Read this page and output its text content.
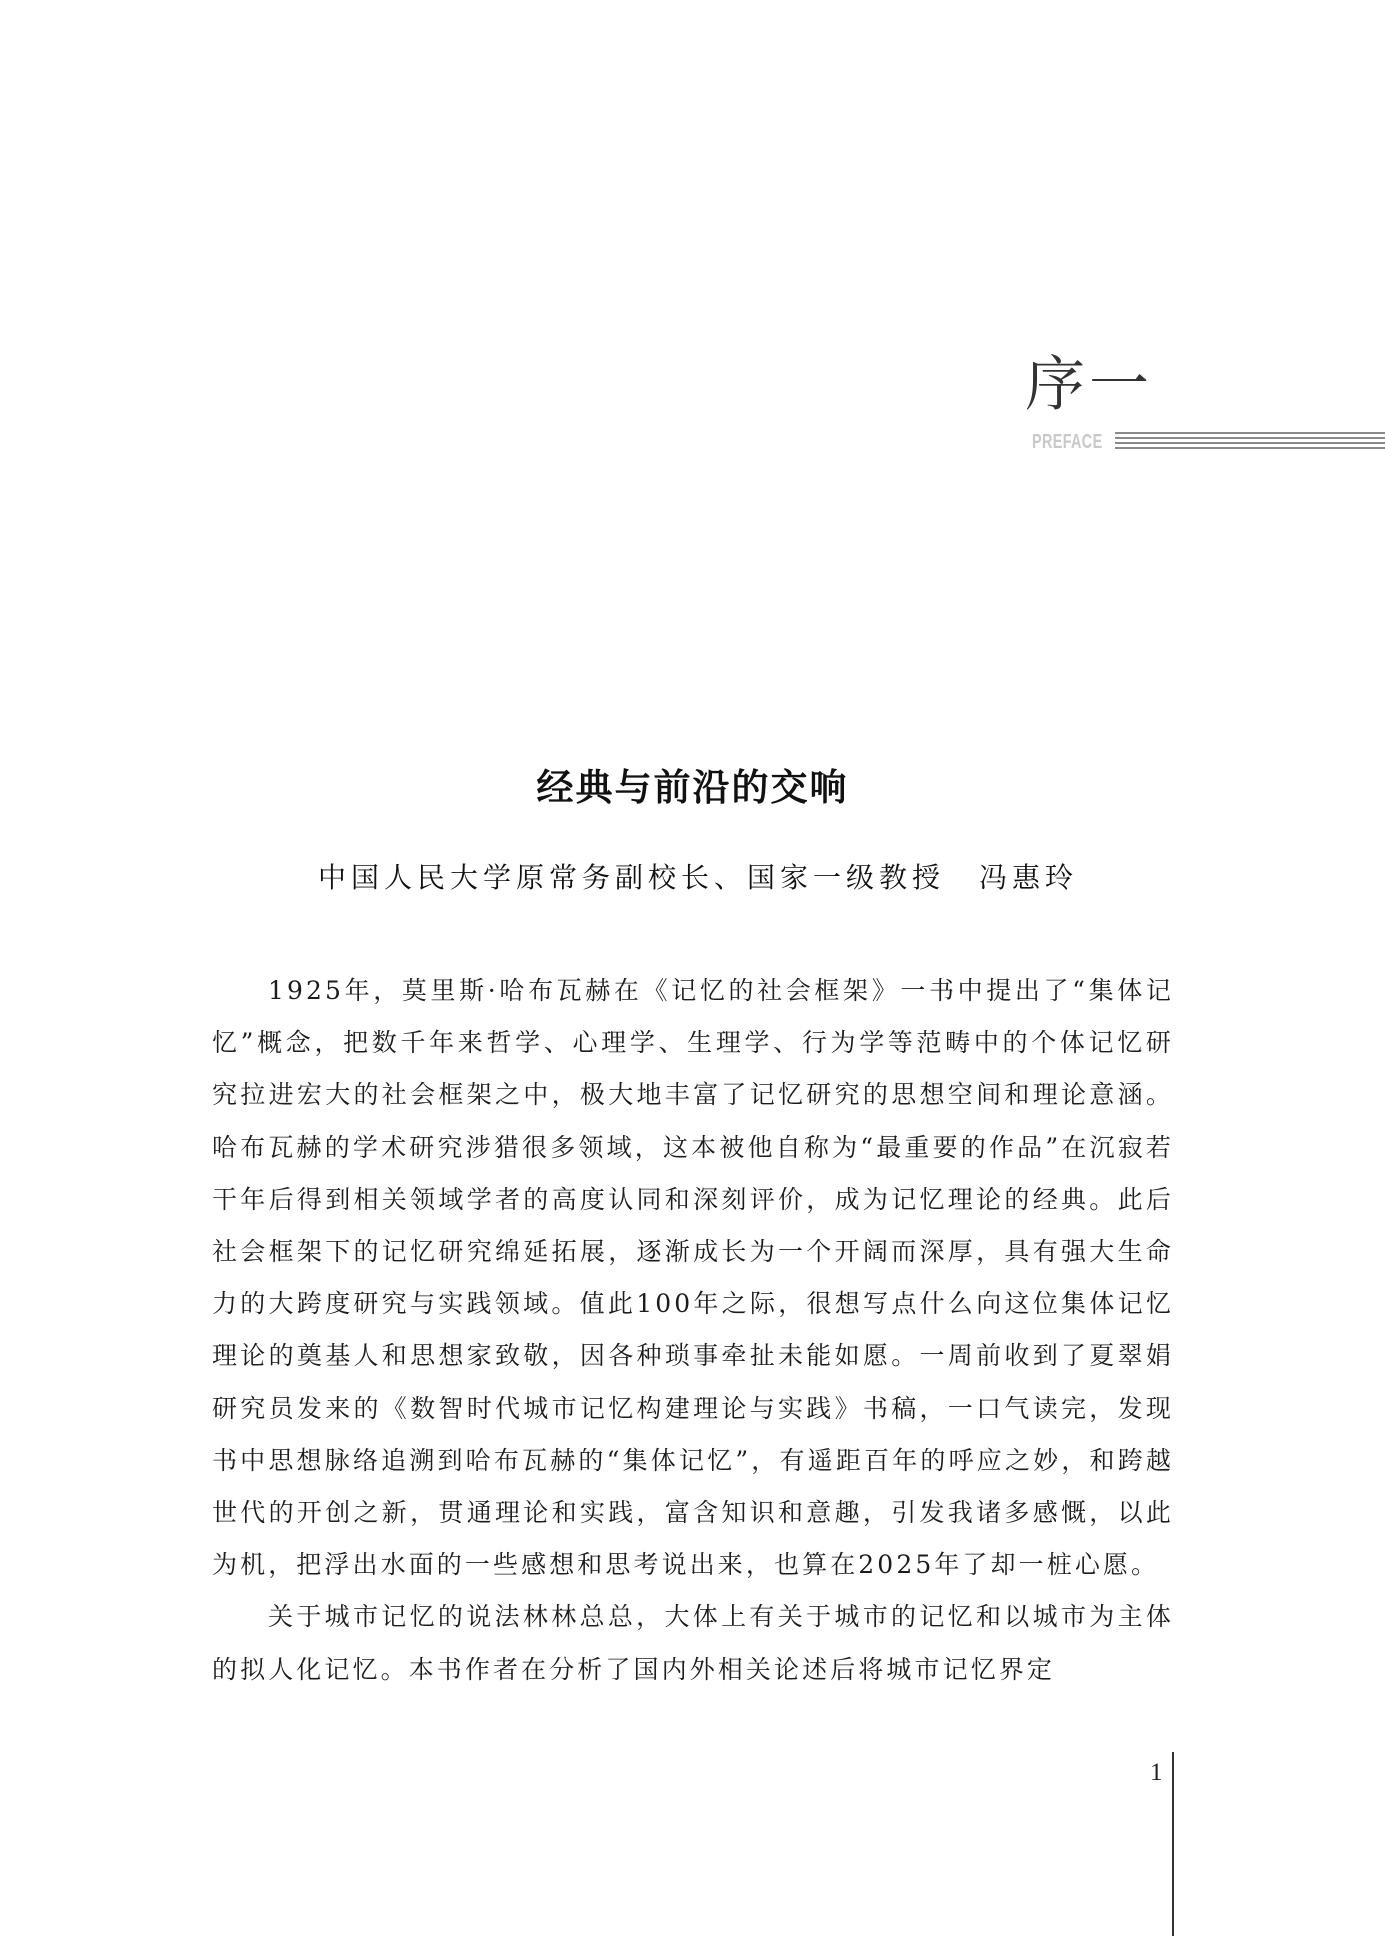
序一
PREFACE
经典与前沿的交响
中国人民大学原常务副校长、国家一级教授 冯惠玲

1925年，莫里斯·哈布瓦赫在《记忆的社会框架》一书中提出了“集体记忆”概念，把数千年来哲学、心理学、生理学、行为学等范畴中的个体记忆研究拉进宏大的社会框架之中，极大地丰富了记忆研究的思想空间和理论意涵。哈布瓦赫的学术研究涉猎很多领域，这本被他自称为“最重要的作品”在沉寂若干年后得到相关领域学者的高度认同和深刻评价，成为记忆理论的经典。此后社会框架下的记忆研究绵延拓展，逐渐成长为一个开阔而深厚，具有强大生命力的大跨度研究与实践领域。值此100年之际，很想写点什么向这位集体记忆理论的奠基人和思想家致敬，因各种琐事牵扯未能如愿。一周前收到了夏翠娟研究员发来的《数智时代城市记忆构建理论与实践》书稿，一口气读完，发现书中思想脉络追溯到哈布瓦赫的“集体记忆”，有遥距百年的呼应之妙，和跨越世代的开创之新，贯通理论和实践，富含知识和意趣，引发我诸多感慨，以此为机，把浮出水面的一些感想和思考说出来，也算在2025年了却一桩心愿。

关于城市记忆的说法林林总总，大体上有关于城市的记忆和以城市为主体的拟人化记忆。本书作者在分析了国内外相关论述后将城市记忆界定

1
